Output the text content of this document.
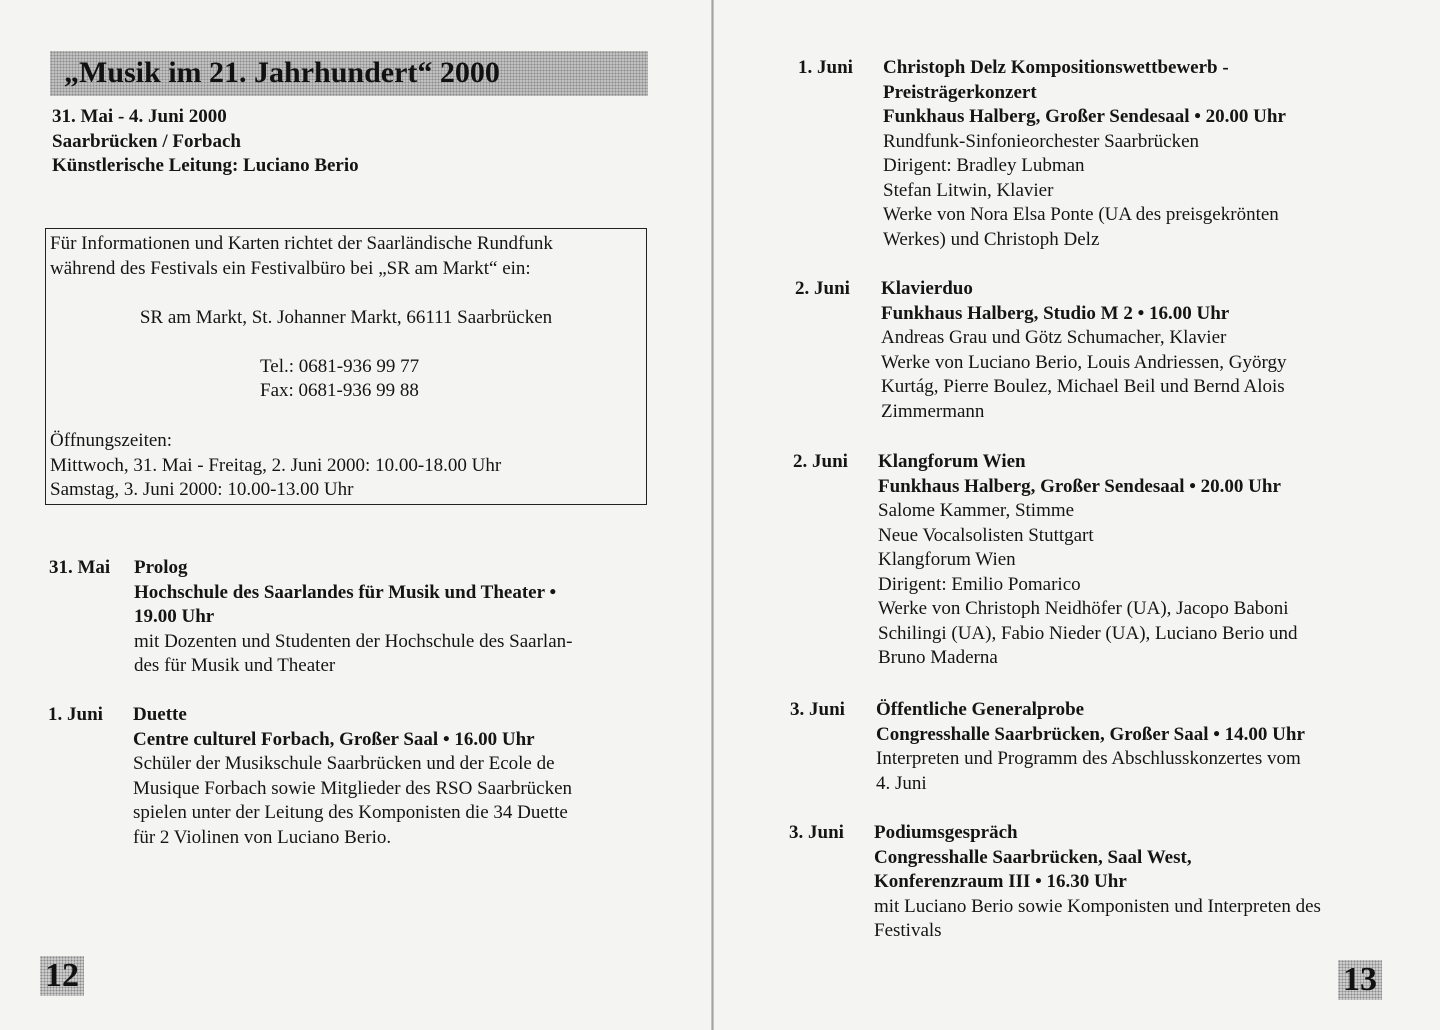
„Musik im 21. Jahrhundert“ 2000
31. Mai - 4. Juni 2000
Saarbrücken / Forbach
Künstlerische Leitung: Luciano Berio
Für Informationen und Karten richtet der Saarländische Rundfunk
während des Festivals ein Festivalbüro bei „SR am Markt“ ein:
SR am Markt, St. Johanner Markt, 66111 Saarbrücken
Tel.: 0681-936 99 77
Fax: 0681-936 99 88
Öffnungszeiten:
Mittwoch, 31. Mai - Freitag, 2. Juni 2000: 10.00-18.00 Uhr
Samstag, 3. Juni 2000: 10.00-13.00 Uhr
31. Mai Prolog
Hochschule des Saarlandes für Musik und Theater •
19.00 Uhr
mit Dozenten und Studenten der Hochschule des Saarlan-
des für Musik und Theater
1. Juni Duette
Centre culturel Forbach, Großer Saal • 16.00 Uhr
Schüler der Musikschule Saarbrücken und der Ecole de
Musique Forbach sowie Mitglieder des RSO Saarbrücken
spielen unter der Leitung des Komponisten die 34 Duette
für 2 Violinen von Luciano Berio.
12
1. Juni Christoph Delz Kompositionswettbewerb -
Preisträgerkonzert
Funkhaus Halberg, Großer Sendesaal • 20.00 Uhr
Rundfunk-Sinfonieorchester Saarbrücken
Dirigent: Bradley Lubman
Stefan Litwin, Klavier
Werke von Nora Elsa Ponte (UA des preisgekrönten
Werkes) und Christoph Delz
2. Juni Klavierduo
Funkhaus Halberg, Studio M 2 • 16.00 Uhr
Andreas Grau und Götz Schumacher, Klavier
Werke von Luciano Berio, Louis Andriessen, György
Kurtág, Pierre Boulez, Michael Beil und Bernd Alois
Zimmermann
2. Juni Klangforum Wien
Funkhaus Halberg, Großer Sendesaal • 20.00 Uhr
Salome Kammer, Stimme
Neue Vocalsolisten Stuttgart
Klangforum Wien
Dirigent: Emilio Pomarico
Werke von Christoph Neidhöfer (UA), Jacopo Baboni
Schilingi (UA), Fabio Nieder (UA), Luciano Berio und
Bruno Maderna
3. Juni Öffentliche Generalprobe
Congresshalle Saarbrücken, Großer Saal • 14.00 Uhr
Interpreten und Programm des Abschlusskonzertes vom
4. Juni
3. Juni Podiumsgespräch
Congresshalle Saarbrücken, Saal West,
Konferenzraum III • 16.30 Uhr
mit Luciano Berio sowie Komponisten und Interpreten des
Festivals
13
